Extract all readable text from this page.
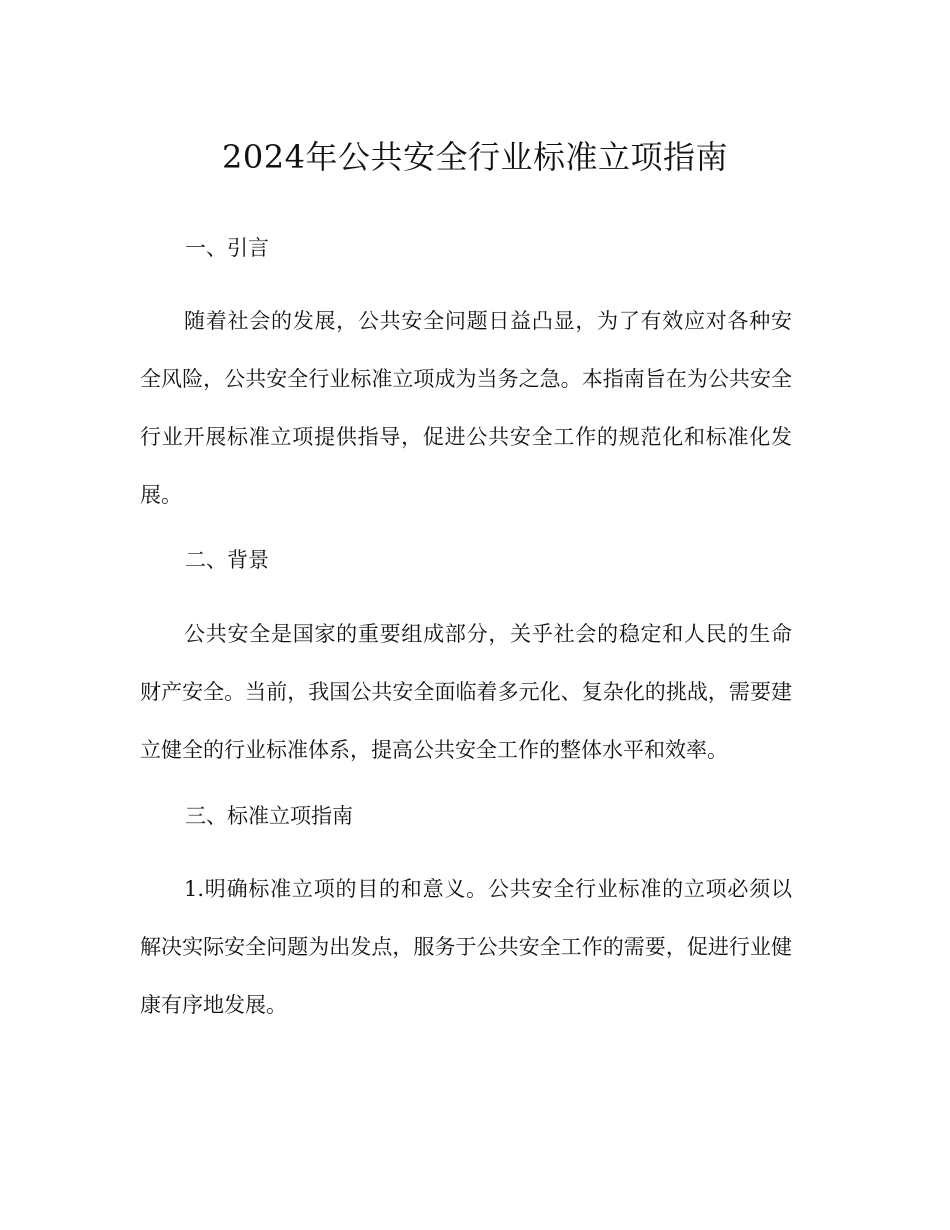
2024年公共安全行业标准立项指南
一、引言

随着社会的发展，公共安全问题日益凸显，为了有效应对各种安全风险，公共安全行业标准立项成为当务之急。本指南旨在为公共安全行业开展标准立项提供指导，促进公共安全工作的规范化和标准化发展。

二、背景

公共安全是国家的重要组成部分，关乎社会的稳定和人民的生命财产安全。当前，我国公共安全面临着多元化、复杂化的挑战，需要建立健全的行业标准体系，提高公共安全工作的整体水平和效率。

三、标准立项指南

1.明确标准立项的目的和意义。公共安全行业标准的立项必须以解决实际安全问题为出发点，服务于公共安全工作的需要，促进行业健康有序地发展。
